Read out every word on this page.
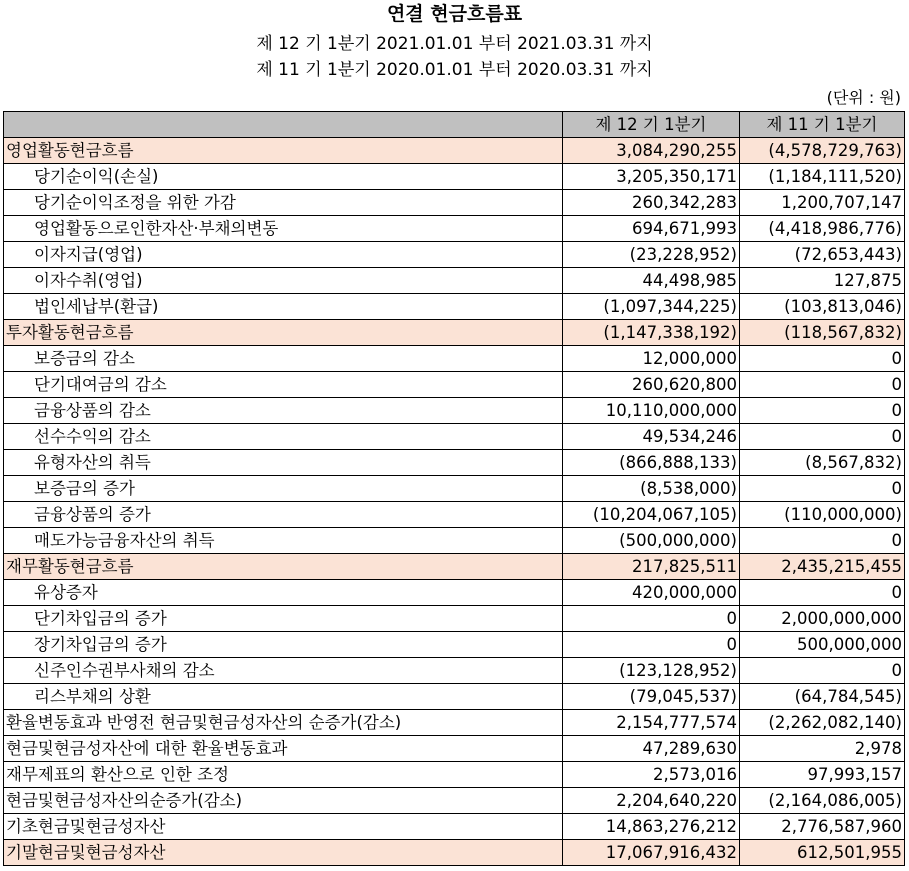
연결 현금흐름표
제 12 기 1분기 2021.01.01 부터 2021.03.31 까지
제 11 기 1분기 2020.01.01 부터 2020.03.31 까지
(단위 : 원)
	제 12 기 1분기	제 11 기 1분기
영업활동현금흐름	3,084,290,255	(4,578,729,763)
당기순이익(손실)	3,205,350,171	(1,184,111,520)
당기순이익조정을 위한 가감	260,342,283	1,200,707,147
영업활동으로인한자산·부채의변동	694,671,993	(4,418,986,776)
이자지급(영업)	(23,228,952)	(72,653,443)
이자수취(영업)	44,498,985	127,875
법인세납부(환급)	(1,097,344,225)	(103,813,046)
투자활동현금흐름	(1,147,338,192)	(118,567,832)
보증금의 감소	12,000,000	0
단기대여금의 감소	260,620,800	0
금융상품의 감소	10,110,000,000	0
선수수익의 감소	49,534,246	0
유형자산의 취득	(866,888,133)	(8,567,832)
보증금의 증가	(8,538,000)	0
금융상품의 증가	(10,204,067,105)	(110,000,000)
매도가능금융자산의 취득	(500,000,000)	0
재무활동현금흐름	217,825,511	2,435,215,455
유상증자	420,000,000	0
단기차입금의 증가	0	2,000,000,000
장기차입금의 증가	0	500,000,000
신주인수권부사채의 감소	(123,128,952)	0
리스부채의 상환	(79,045,537)	(64,784,545)
환율변동효과 반영전 현금및현금성자산의 순증가(감소)	2,154,777,574	(2,262,082,140)
현금및현금성자산에 대한 환율변동효과	47,289,630	2,978
재무제표의 환산으로 인한 조정	2,573,016	97,993,157
현금및현금성자산의순증가(감소)	2,204,640,220	(2,164,086,005)
기초현금및현금성자산	14,863,276,212	2,776,587,960
기말현금및현금성자산	17,067,916,432	612,501,955
